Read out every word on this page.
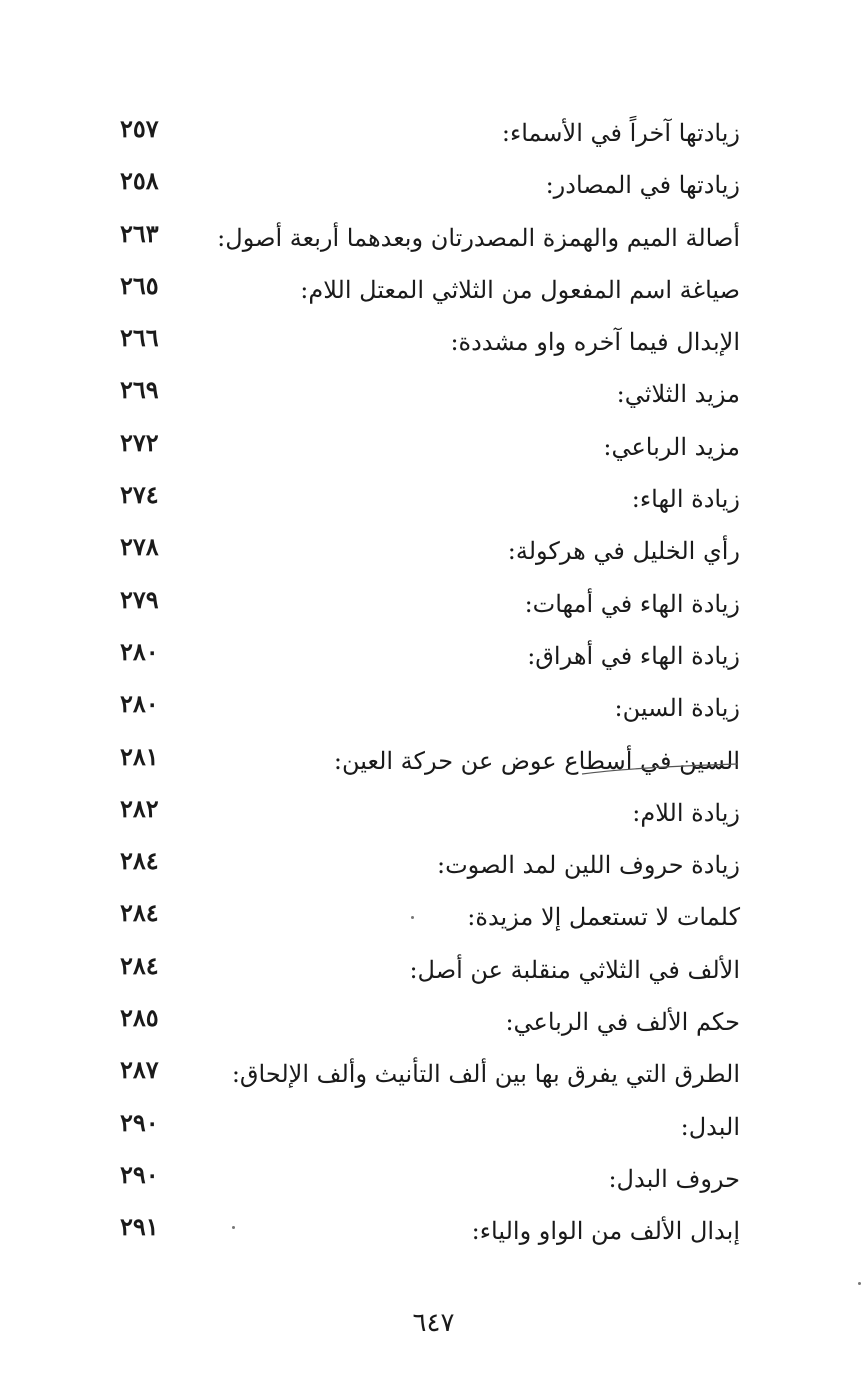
زيادتها آخراً في الأسماء:
٢٥٧
زيادتها في المصادر:
٢٥٨
أصالة الميم والهمزة المصدرتان وبعدهما أربعة أصول:
٢٦٣
صياغة اسم المفعول من الثلاثي المعتل اللام:
٢٦٥
الإبدال فيما آخره واو مشددة:
٢٦٦
مزيد الثلاثي:
٢٦٩
مزيد الرباعي:
٢٧٢
زيادة الهاء:
٢٧٤
رأي الخليل في هركولة:
٢٧٨
زيادة الهاء في أمهات:
٢٧٩
زيادة الهاء في أهراق:
٢٨٠
زيادة السين:
٢٨٠
السين في أسطاع عوض عن حركة العين:
٢٨١
زيادة اللام:
٢٨٢
زيادة حروف اللين لمد الصوت:
٢٨٤
كلمات لا تستعمل إلا مزيدة:
٢٨٤
الألف في الثلاثي منقلبة عن أصل:
٢٨٤
حكم الألف في الرباعي:
٢٨٥
الطرق التي يفرق بها بين ألف التأنيث وألف الإلحاق:
٢٨٧
البدل:
٢٩٠
حروف البدل:
٢٩٠
إبدال الألف من الواو والياء:
٢٩١
٦٤٧
